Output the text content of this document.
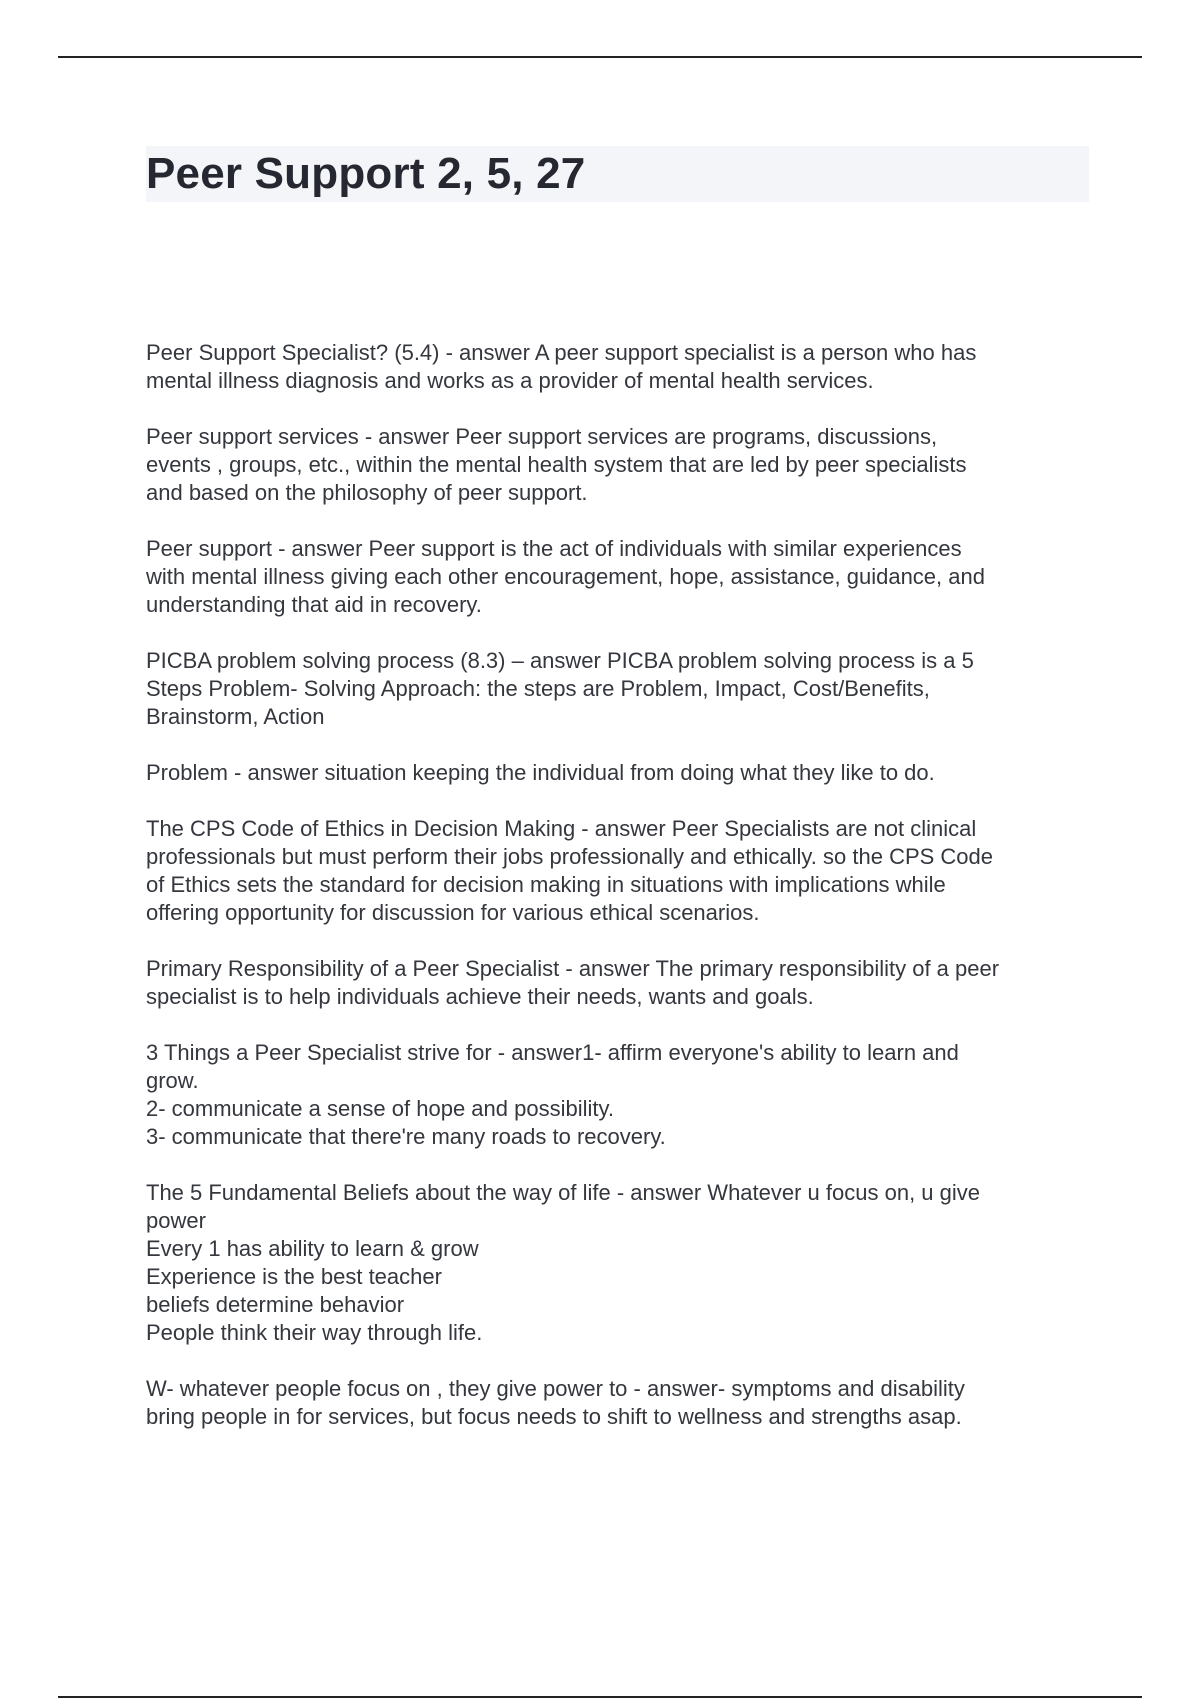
Peer Support 2, 5, 27

Peer Support Specialist? (5.4) - answer A peer support specialist is a person who has
mental illness diagnosis and works as a provider of mental health services.

Peer support services - answer Peer support services are programs, discussions,
events , groups, etc., within the mental health system that are led by peer specialists
and based on the philosophy of peer support.

Peer support - answer Peer support is the act of individuals with similar experiences
with mental illness giving each other encouragement, hope, assistance, guidance, and
understanding that aid in recovery.

PICBA problem solving process (8.3) – answer PICBA problem solving process is a 5
Steps Problem- Solving Approach: the steps are Problem, Impact, Cost/Benefits,
Brainstorm, Action

Problem - answer situation keeping the individual from doing what they like to do.

The CPS Code of Ethics in Decision Making - answer Peer Specialists are not clinical
professionals but must perform their jobs professionally and ethically. so the CPS Code
of Ethics sets the standard for decision making in situations with implications while
offering opportunity for discussion for various ethical scenarios.

Primary Responsibility of a Peer Specialist - answer The primary responsibility of a peer
specialist is to help individuals achieve their needs, wants and goals.

3 Things a Peer Specialist strive for - answer1- affirm everyone's ability to learn and
grow.
2- communicate a sense of hope and possibility.
3- communicate that there're many roads to recovery.

The 5 Fundamental Beliefs about the way of life - answer Whatever u focus on, u give
power
Every 1 has ability to learn & grow
Experience is the best teacher
beliefs determine behavior
People think their way through life.

W- whatever people focus on , they give power to - answer- symptoms and disability
bring people in for services, but focus needs to shift to wellness and strengths asap.
